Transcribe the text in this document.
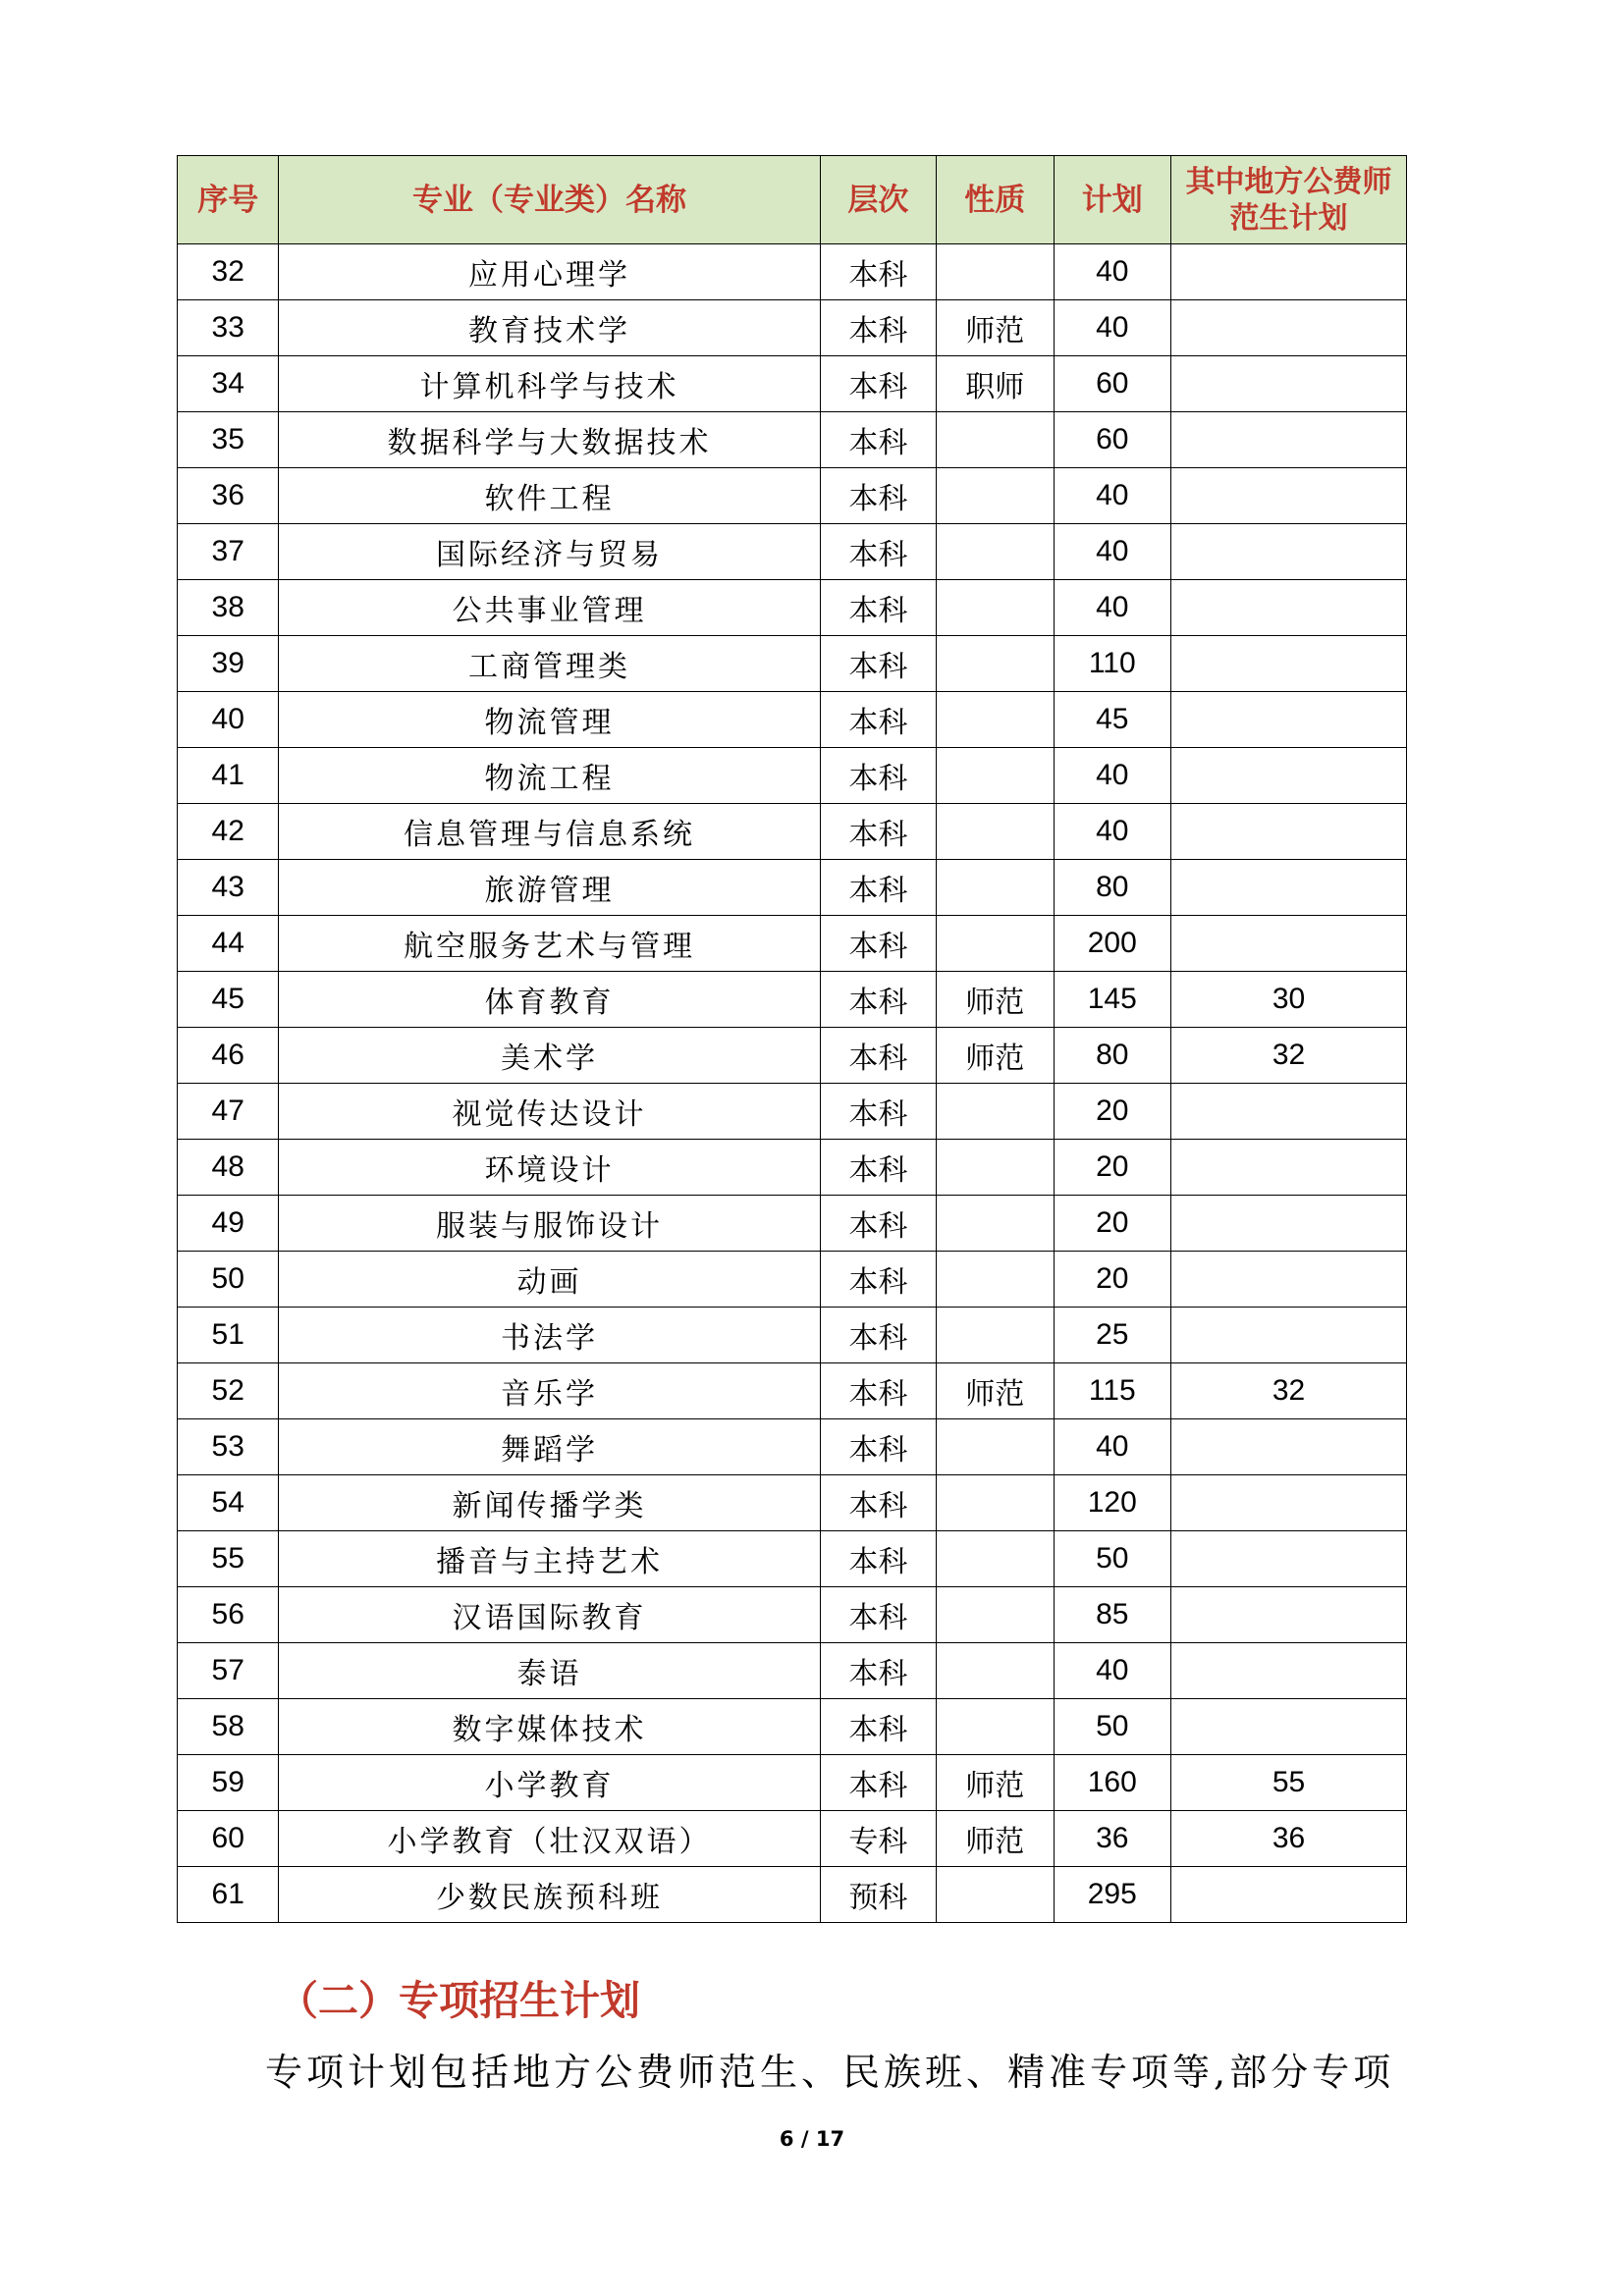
序号	专业（专业类）名称	层次	性质	计划	其中地方公费师范生计划
32	应用心理学	本科		40	
33	教育技术学	本科	师范	40	
34	计算机科学与技术	本科	职师	60	
35	数据科学与大数据技术	本科		60	
36	软件工程	本科		40	
37	国际经济与贸易	本科		40	
38	公共事业管理	本科		40	
39	工商管理类	本科		110	
40	物流管理	本科		45	
41	物流工程	本科		40	
42	信息管理与信息系统	本科		40	
43	旅游管理	本科		80	
44	航空服务艺术与管理	本科		200	
45	体育教育	本科	师范	145	30
46	美术学	本科	师范	80	32
47	视觉传达设计	本科		20	
48	环境设计	本科		20	
49	服装与服饰设计	本科		20	
50	动画	本科		20	
51	书法学	本科		25	
52	音乐学	本科	师范	115	32
53	舞蹈学	本科		40	
54	新闻传播学类	本科		120	
55	播音与主持艺术	本科		50	
56	汉语国际教育	本科		85	
57	泰语	本科		40	
58	数字媒体技术	本科		50	
59	小学教育	本科	师范	160	55
60	小学教育（壮汉双语）	专科	师范	36	36
61	少数民族预科班	预科		295	
（二）专项招生计划

专项计划包括地方公费师范生、民族班、精准专项等,部分专项

6 / 17
